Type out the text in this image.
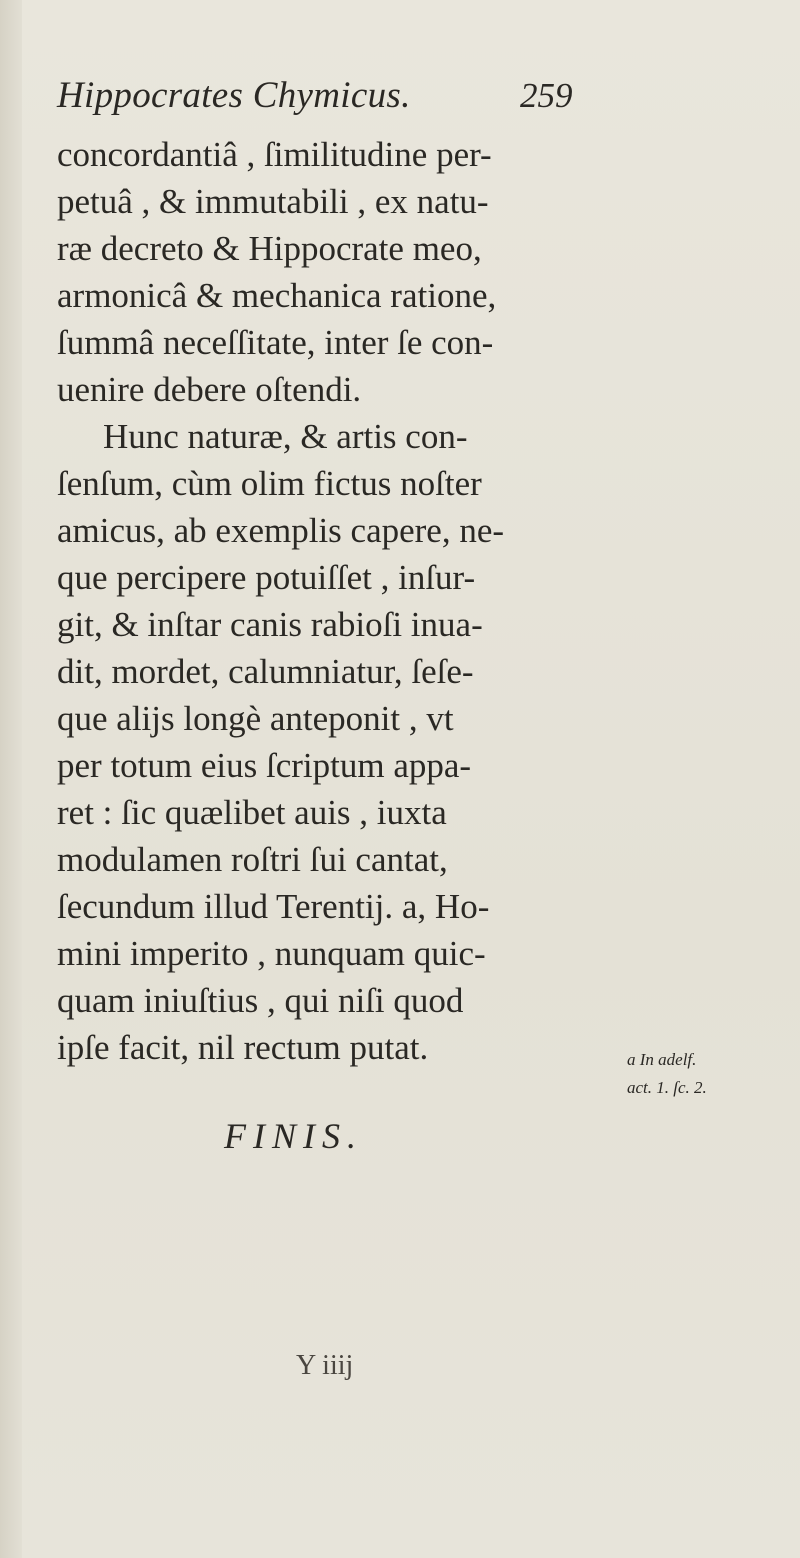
Hippocrates Chymicus.	259
concordantiâ , ſimilitudine per-
petuâ , & immutabili , ex natu-
ræ decreto & Hippocrate meo,
armonicâ & mechanica ratione,
ſummâ neceſſitate, inter ſe con-
uenire debere oſtendi.
Hunc naturæ, & artis con-
ſenſum, cùm olim fictus noſter
amicus, ab exemplis capere, ne-
que percipere potuiſſet , inſur-
git, & inſtar canis rabioſi inua-
dit, mordet, calumniatur, ſeſe-
que alijs longè anteponit , vt
per totum eius ſcriptum appa-
ret : ſic quælibet auis , iuxta
modulamen roſtri ſui cantat,
ſecundum illud Terentij. a, Ho-
mini imperito , nunquam quic-
quam iniuſtius , qui niſi quod
ipſe facit, nil rectum putat.	a In adelf.
act. 1. ſc. 2.
FINIS.
Y iiij
